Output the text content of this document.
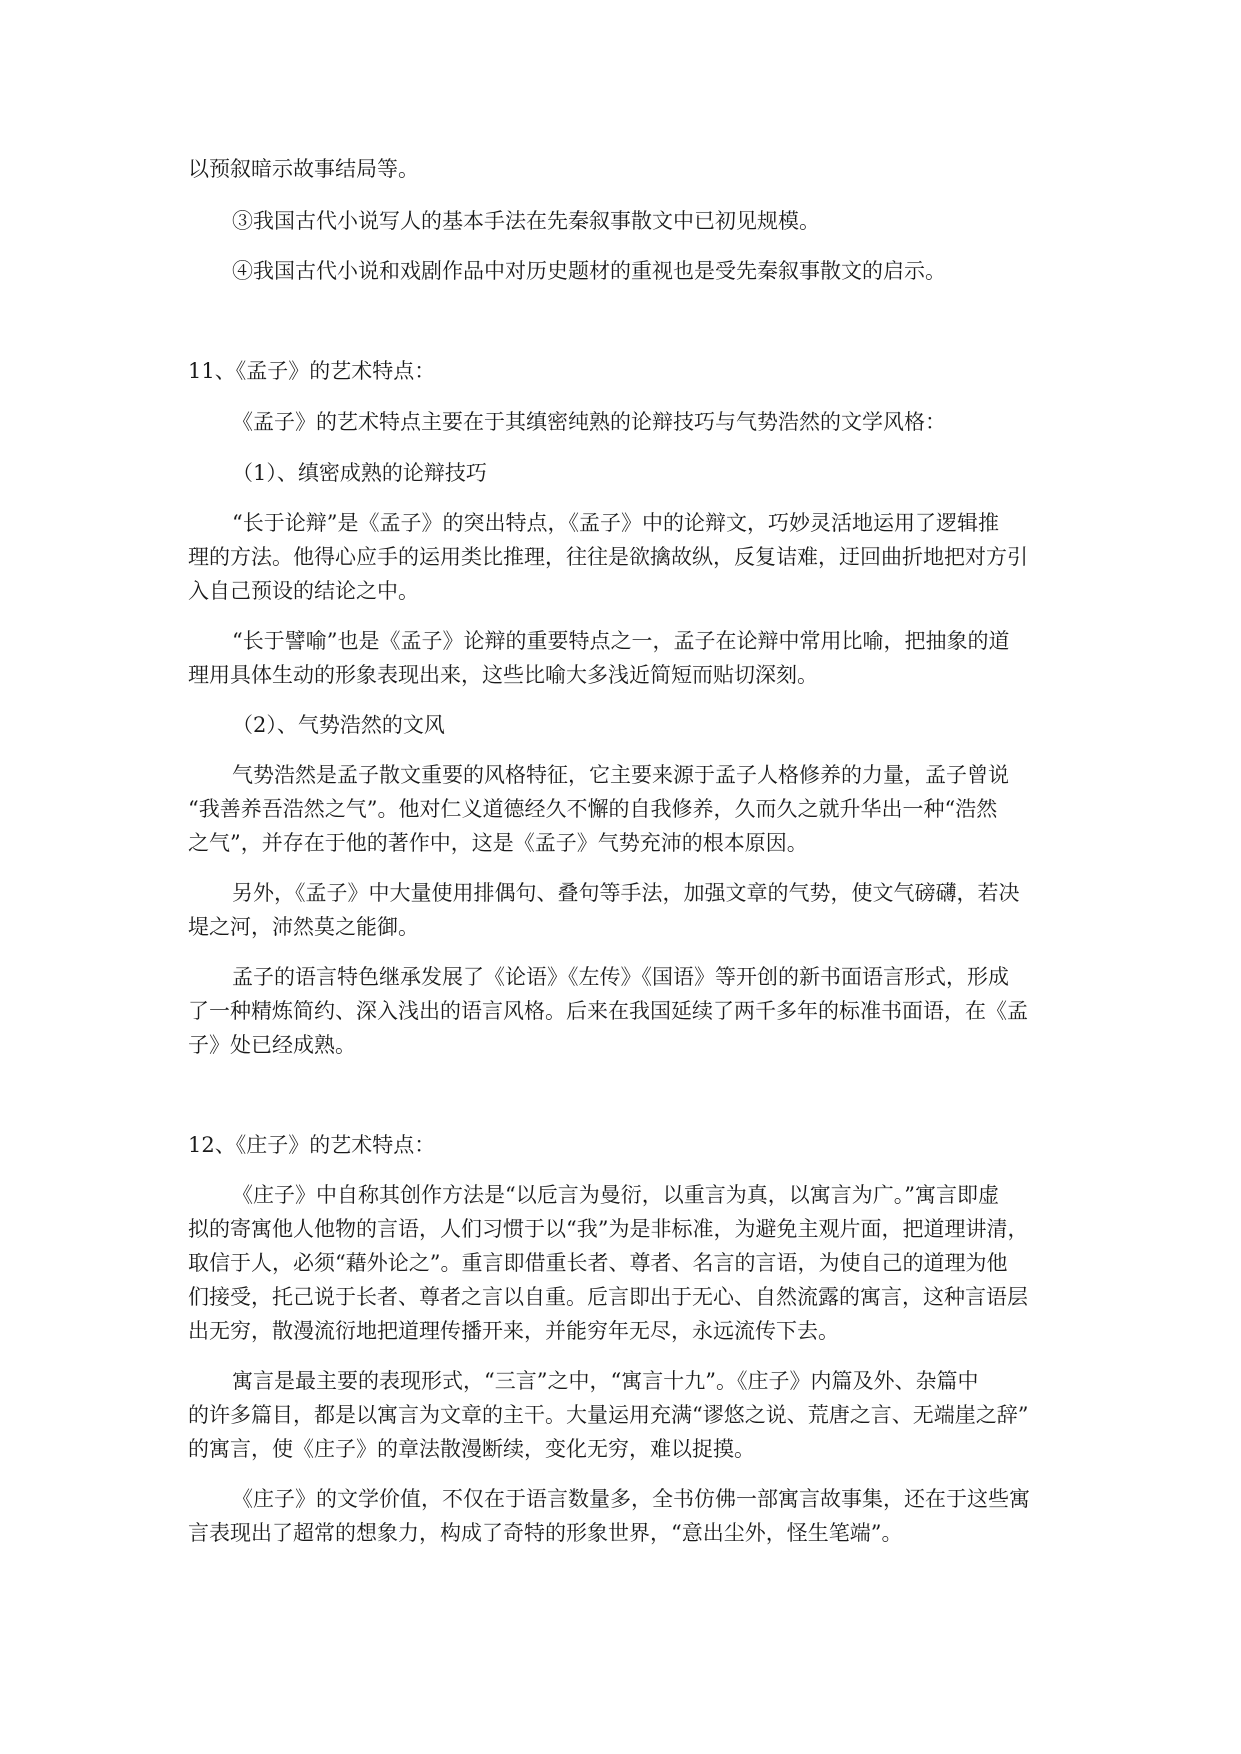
以预叙暗示故事结局等。

③我国古代小说写人的基本手法在先秦叙事散文中已初见规模。

④我国古代小说和戏剧作品中对历史题材的重视也是受先秦叙事散文的启示。

11、《孟子》的艺术特点：

《孟子》的艺术特点主要在于其缜密纯熟的论辩技巧与气势浩然的文学风格：

（1）、缜密成熟的论辩技巧

“长于论辩”是《孟子》的突出特点，《孟子》中的论辩文，巧妙灵活地运用了逻辑推

理的方法。他得心应手的运用类比推理，往往是欲擒故纵，反复诘难，迂回曲折地把对方引

入自己预设的结论之中。

“长于譬喻”也是《孟子》论辩的重要特点之一，孟子在论辩中常用比喻，把抽象的道

理用具体生动的形象表现出来，这些比喻大多浅近简短而贴切深刻。

（2）、气势浩然的文风

气势浩然是孟子散文重要的风格特征，它主要来源于孟子人格修养的力量，孟子曾说

“我善养吾浩然之气”。他对仁义道德经久不懈的自我修养，久而久之就升华出一种“浩然

之气”，并存在于他的著作中，这是《孟子》气势充沛的根本原因。

另外，《孟子》中大量使用排偶句、叠句等手法，加强文章的气势，使文气磅礴，若决

堤之河，沛然莫之能御。

孟子的语言特色继承发展了《论语》《左传》《国语》等开创的新书面语言形式，形成

了一种精炼简约、深入浅出的语言风格。后来在我国延续了两千多年的标准书面语，在《孟

子》处已经成熟。

12、《庄子》的艺术特点：

《庄子》中自称其创作方法是“以卮言为曼衍，以重言为真，以寓言为广。”寓言即虚

拟的寄寓他人他物的言语，人们习惯于以“我”为是非标准，为避免主观片面，把道理讲清，

取信于人，必须“藉外论之”。重言即借重长者、尊者、名言的言语，为使自己的道理为他

们接受，托己说于长者、尊者之言以自重。卮言即出于无心、自然流露的寓言，这种言语层

出无穷，散漫流衍地把道理传播开来，并能穷年无尽，永远流传下去。

寓言是最主要的表现形式，“三言”之中，“寓言十九”。《庄子》内篇及外、杂篇中

的许多篇目，都是以寓言为文章的主干。大量运用充满“谬悠之说、荒唐之言、无端崖之辞”

的寓言，使《庄子》的章法散漫断续，变化无穷，难以捉摸。

《庄子》的文学价值，不仅在于语言数量多，全书仿佛一部寓言故事集，还在于这些寓

言表现出了超常的想象力，构成了奇特的形象世界，“意出尘外，怪生笔端”。
